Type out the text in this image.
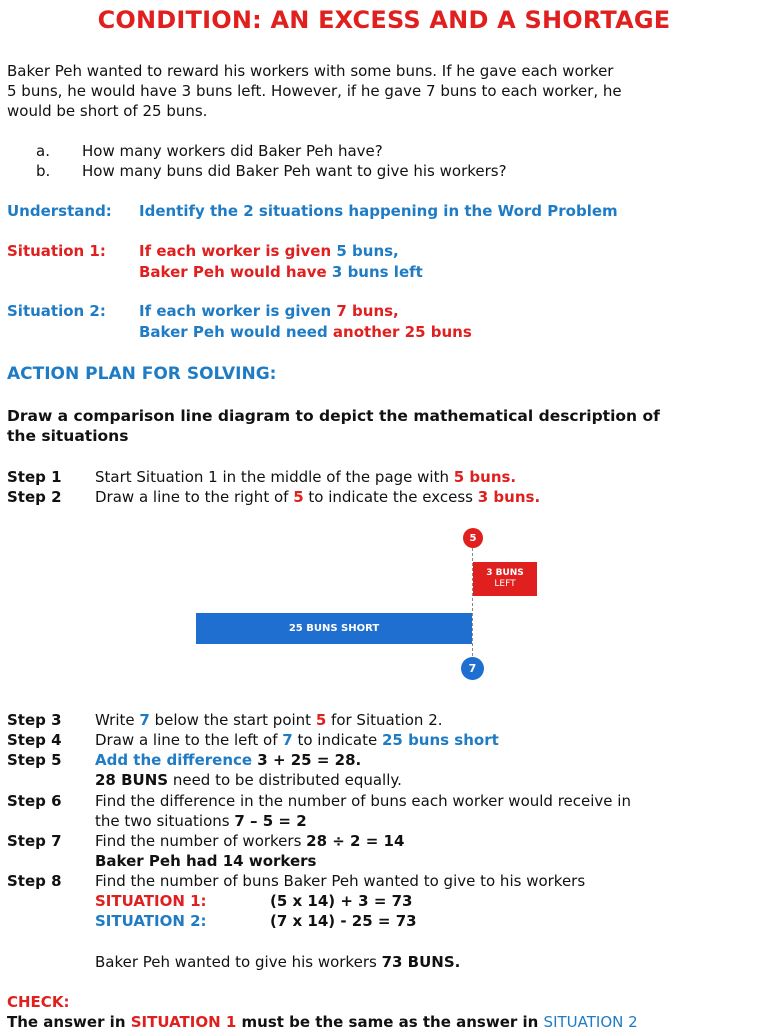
CONDITION: AN EXCESS AND A SHORTAGE
Baker Peh wanted to reward his workers with some buns. If he gave each worker
5 buns, he would have 3 buns left. However, if he gave 7 buns to each worker, he
would be short of 25 buns.
a. How many workers did Baker Peh have?
b. How many buns did Baker Peh want to give his workers?
Understand: Identify the 2 situations happening in the Word Problem
Situation 1: If each worker is given 5 buns,
Baker Peh would have 3 buns left
Situation 2: If each worker is given 7 buns,
Baker Peh would need another 25 buns
ACTION PLAN FOR SOLVING:
Draw a comparison line diagram to depict the mathematical description of
the situations
Step 1 Start Situation 1 in the middle of the page with 5 buns.
Step 2 Draw a line to the right of 5 to indicate the excess 3 buns.
5
3 BUNS
LEFT
25 BUNS SHORT
7
Step 3 Write 7 below the start point 5 for Situation 2.
Step 4 Draw a line to the left of 7 to indicate 25 buns short
Step 5 Add the difference 3 + 25 = 28.
28 BUNS need to be distributed equally.
Step 6 Find the difference in the number of buns each worker would receive in
the two situations 7 – 5 = 2
Step 7 Find the number of workers 28 ÷ 2 = 14
Baker Peh had 14 workers
Step 8 Find the number of buns Baker Peh wanted to give to his workers
SITUATION 1:	(5 x 14) + 3 = 73
SITUATION 2:	(7 x 14) - 25 = 73
Baker Peh wanted to give his workers 73 BUNS.
CHECK:
The answer in SITUATION 1 must be the same as the answer in SITUATION 2
